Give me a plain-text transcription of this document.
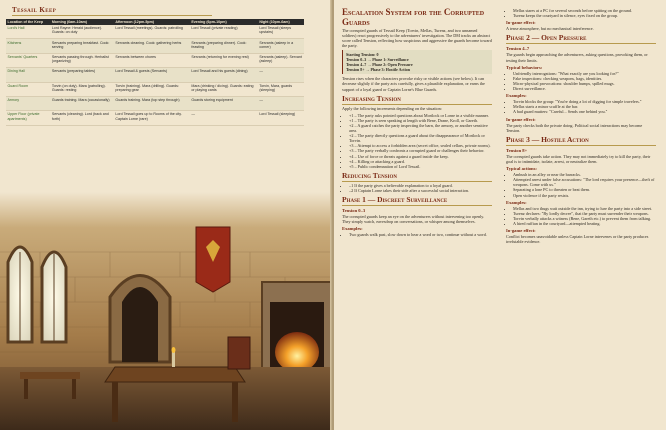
Tessail Keep
Location of the Keep	Morning (6am-10am)	Afternoon (12pm-5pm)	Evening (6pm-10pm)	Night (10pm-6am)
Lord's Hall	Lord Rayne: Herald (audience). Guards: on duty	Lord Tessail (meetings). Guards: patrolling	Lord Tessail (private reading)	Lord Tessail (sleeps upstairs)
Kitchens	Servants preparing breakfast. Cook: serving	Servants cleaning. Cook: gathering herbs	Servants (preparing dinner). Cook: feasting	Servants (asleep in a corner)
Servants' Quarters	Servants passing through. Herbalist (organizing)	Servants between chores	Servants (returning for evening rest)	Servants (asleep). Servant (asleep)
Dining Hall	Servants (preparing tables)	Lord Tessail & guests (Servants)	Lord Tessail and his guests (dining)	—
Guard Room	Torvin (on duty). Mara (patrolling). Guards: resting	Torvin (training). Mara (drilling). Guards: preparing gear	Mara (drinking / dicing). Guards: eating or playing cards	Torvin, Mara, guards (sleeping)
Armory	Guards training. Mara (occasionally)	Guards training. Mara (top step through)	Guards storing equipment	—
Upper Floor (private apartments)	Servants (cleaning). Lord (back and forth)	Lord Tessail goes up to Rooms of the city. Captain Lorne (rare)	—	Lord Tessail (sleeping)
Escalation System for the Corrupted Guards
The corrupted guards of Tessail Keep (Torvin, Mellas, Turenz, and two unnamed soldiers) react progressively to the adventurers' investigation. The DM tracks an abstract score called Tension, reflecting how suspicious and aggressive the guards become toward the party.
Starting Tension: 0
Tension 0–3 → Phase 1: Surveillance
Tension 4–7 → Phase 2: Open Pressure
Tension 8+ → Phase 3: Hostile Action
Tension rises when the characters provoke risky or visible actions (see below). It can decrease slightly if the party acts carefully, gives a plausible explanation, or earns the support of a loyal guard or Captain Lorne's Blue Guards.
Increasing Tension
Apply the following increments depending on the situation:
• +1 – The party asks pointed questions about Mortlock or Lorne in a visible manner.
• +1 – The party is seen speaking at length with Bene, Drane, Kroll, or Gareth.
• +2 – A guard catches the party inspecting the barn, the armory, or another sensitive area.
• +2 – The party directly questions a guard about the disappearance of Mortlock or Torvin.
• +3 – Attempt to access a forbidden area (secret office, sealed cellars, private rooms).
• +3 – The party verbally confronts a corrupted guard or challenges their behavior.
• +4 – Use of force or threats against a guard inside the keep.
• +4 – Killing or attacking a guard.
• +5 – Public condemnation of Lord Tessail.
Reducing Tension
• –1 If the party gives a believable explanation to a loyal guard.
• –2 If Captain Lorne takes their side after a successful social interaction.
Phase 1 — Discreet Surveillance
Tension 0–3
The corrupted guards keep an eye on the adventurers without intervening too openly. They simply watch, eavesdrop on conversations, or whisper among themselves.
Examples:
• Two guards walk past, slow down to hear a word or two, continue without a word.
• Mellas stares at a PC for several seconds before spitting on the ground.
• Turenz keeps the courtyard in silence, eyes fixed on the group.
In-game effect:
A tense atmosphere, but no mechanical interference.
Phase 2 — Open Pressure
Tension 4–7
The guards begin approaching the adventurers, asking questions, provoking them, or testing their limits.
Typical behaviors:
• Unfriendly interrogations: "What exactly are you looking for?"
• Fake inspections: checking weapons, bags, identities.
• Micro-physical provocations: shoulder bumps, spilled mugs.
• Direct surveillance.
Examples:
• Torvin blocks the group: "You're doing a lot of digging for simple travelers."
• Mellas starts a minor scuffle at the bar.
• A bad guard mutters: "Careful... Sends one behind you."
In-game effect:
The party checks both the private doing. Political social interactions may become Tension.
Phase 3 — Hostile Action
Tension 8+
The corrupted guards take action. They may not immediately try to kill the party, their goal is to intimidate, isolate, arrest, or neutralize them.
Typical actions:
• Ambush in an alley or near the barracks.
• Attempted arrest under false accusations: "The lord requires your presence—theft of weapons. Come with us."
• Separating a lone PC to threaten or beat them.
• Open violence if the party resists.
Examples:
• Mellas and two thugs wait outside the inn, trying to lure the party into a side street.
• Turenz declares: "By lordly decree", that the party must surrender their weapons.
• Torvin verbally attacks a witness (Bene, Gareth etc.) to prevent them from talking.
• A hired ruffian in the courtyard—attempted beating.
In-game effect:
Conflict becomes unavoidable unless Captain Lorne intervenes or the party produces irrefutable evidence.
